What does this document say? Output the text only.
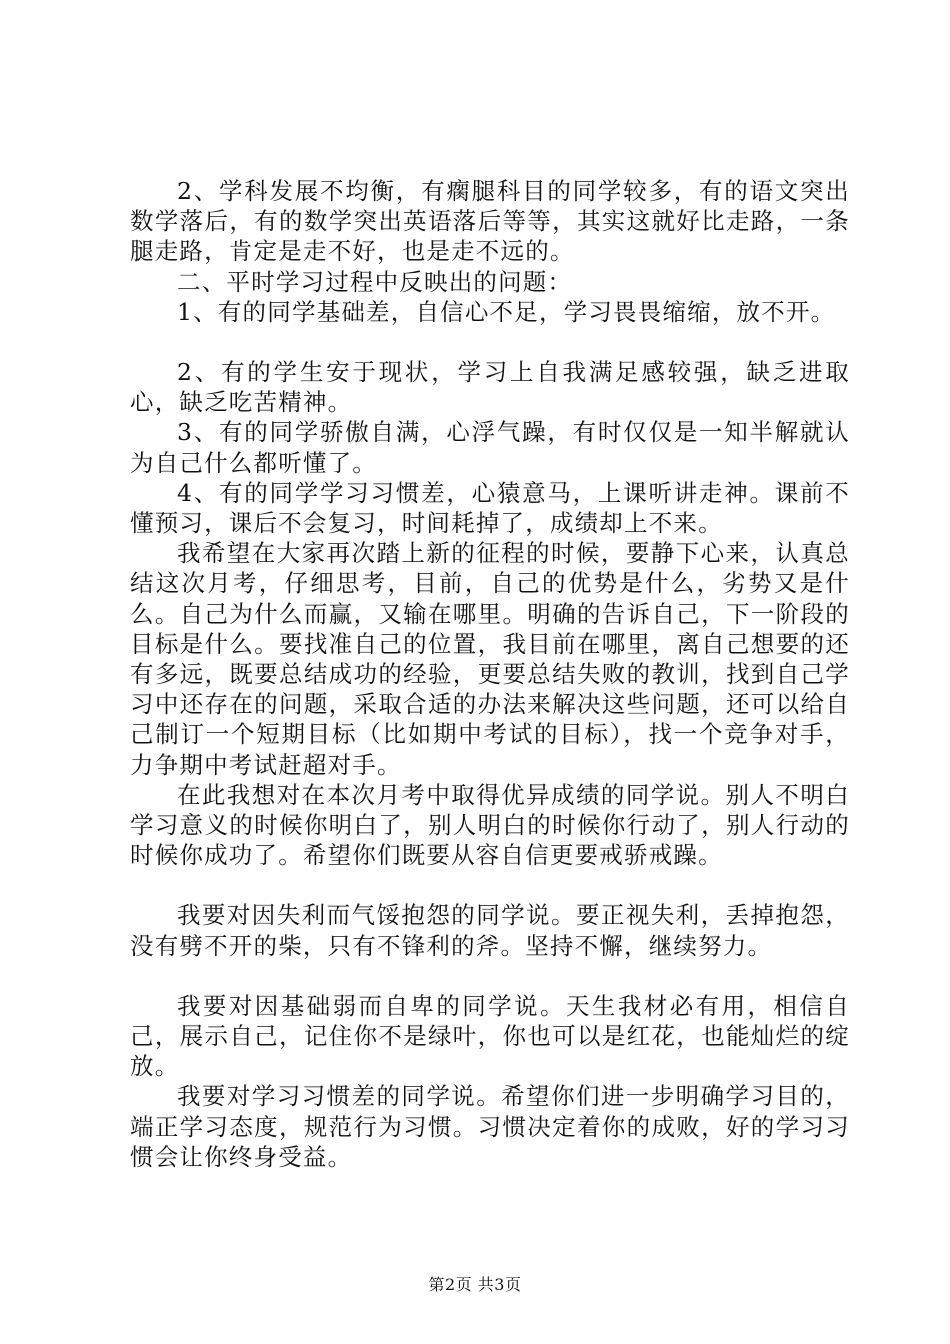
2、学科发展不均衡，有瘸腿科目的同学较多，有的语文突出数学落后，有的数学突出英语落后等等，其实这就好比走路，一条腿走路，肯定是走不好，也是走不远的。

二、平时学习过程中反映出的问题：

1、有的同学基础差，自信心不足，学习畏畏缩缩，放不开。

2、有的学生安于现状，学习上自我满足感较强，缺乏进取心，缺乏吃苦精神。

3、有的同学骄傲自满，心浮气躁，有时仅仅是一知半解就认为自己什么都听懂了。

4、有的同学学习习惯差，心猿意马，上课听讲走神。课前不懂预习，课后不会复习，时间耗掉了，成绩却上不来。

我希望在大家再次踏上新的征程的时候，要静下心来，认真总结这次月考，仔细思考，目前，自己的优势是什么，劣势又是什么。自己为什么而赢，又输在哪里。明确的告诉自己，下一阶段的目标是什么。要找准自己的位置，我目前在哪里，离自己想要的还有多远，既要总结成功的经验，更要总结失败的教训，找到自己学习中还存在的问题，采取合适的办法来解决这些问题，还可以给自己制订一个短期目标（比如期中考试的目标），找一个竞争对手，力争期中考试赶超对手。

在此我想对在本次月考中取得优异成绩的同学说。别人不明白学习意义的时候你明白了，别人明白的时候你行动了，别人行动的时候你成功了。希望你们既要从容自信更要戒骄戒躁。

我要对因失利而气馁抱怨的同学说。要正视失利，丢掉抱怨，没有劈不开的柴，只有不锋利的斧。坚持不懈，继续努力。

我要对因基础弱而自卑的同学说。天生我材必有用，相信自己，展示自己，记住你不是绿叶，你也可以是红花，也能灿烂的绽放。

我要对学习习惯差的同学说。希望你们进一步明确学习目的，端正学习态度，规范行为习惯。习惯决定着你的成败，好的学习习惯会让你终身受益。

第2页 共3页
